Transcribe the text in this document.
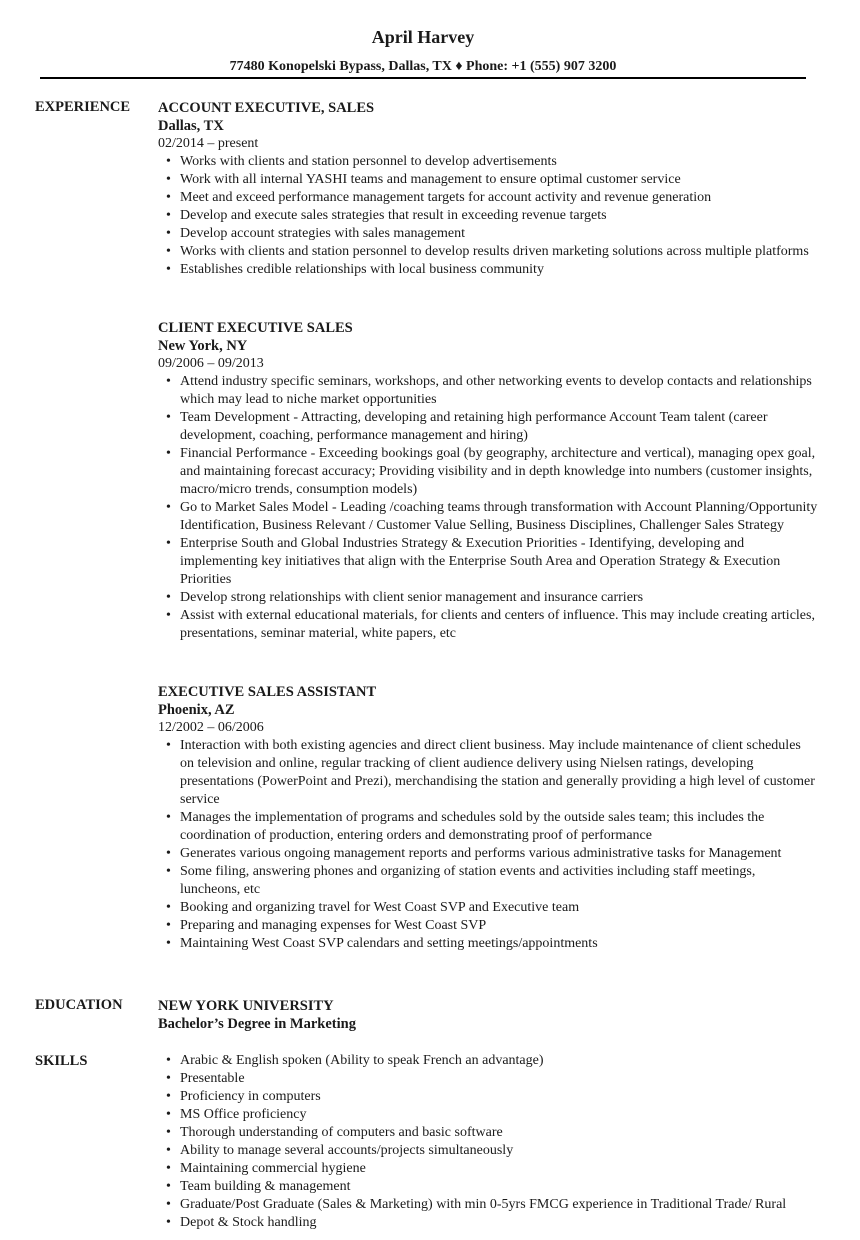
April Harvey
77480 Konopelski Bypass, Dallas, TX ♦ Phone: +1 (555) 907 3200
EXPERIENCE ACCOUNT EXECUTIVE, SALES
Dallas, TX
02/2014 – present
• Works with clients and station personnel to develop advertisements
• Work with all internal YASHI teams and management to ensure optimal customer service
• Meet and exceed performance management targets for account activity and revenue generation
• Develop and execute sales strategies that result in exceeding revenue targets
• Develop account strategies with sales management
• Works with clients and station personnel to develop results driven marketing solutions across multiple platforms
• Establishes credible relationships with local business community
CLIENT EXECUTIVE SALES
New York, NY
09/2006 – 09/2013
• Attend industry specific seminars, workshops, and other networking events to develop contacts and relationships which may lead to niche market opportunities
• Team Development - Attracting, developing and retaining high performance Account Team talent (career development, coaching, performance management and hiring)
• Financial Performance - Exceeding bookings goal (by geography, architecture and vertical), managing opex goal, and maintaining forecast accuracy; Providing visibility and in depth knowledge into numbers (customer insights, macro/micro trends, consumption models)
• Go to Market Sales Model - Leading /coaching teams through transformation with Account Planning/Opportunity Identification, Business Relevant / Customer Value Selling, Business Disciplines, Challenger Sales Strategy
• Enterprise South and Global Industries Strategy & Execution Priorities - Identifying, developing and implementing key initiatives that align with the Enterprise South Area and Operation Strategy & Execution Priorities
• Develop strong relationships with client senior management and insurance carriers
• Assist with external educational materials, for clients and centers of influence. This may include creating articles, presentations, seminar material, white papers, etc
EXECUTIVE SALES ASSISTANT
Phoenix, AZ
12/2002 – 06/2006
• Interaction with both existing agencies and direct client business. May include maintenance of client schedules on television and online, regular tracking of client audience delivery using Nielsen ratings, developing presentations (PowerPoint and Prezi), merchandising the station and generally providing a high level of customer service
• Manages the implementation of programs and schedules sold by the outside sales team; this includes the coordination of production, entering orders and demonstrating proof of performance
• Generates various ongoing management reports and performs various administrative tasks for Management
• Some filing, answering phones and organizing of station events and activities including staff meetings, luncheons, etc
• Booking and organizing travel for West Coast SVP and Executive team
• Preparing and managing expenses for West Coast SVP
• Maintaining West Coast SVP calendars and setting meetings/appointments
EDUCATION NEW YORK UNIVERSITY
Bachelor’s Degree in Marketing
SKILLS
•	Arabic & English spoken (Ability to speak French an advantage)
• Presentable
• Proficiency in computers
• MS Office proficiency
• Thorough understanding of computers and basic software
• Ability to manage several accounts/projects simultaneously
• Maintaining commercial hygiene
• Team building & management
• Graduate/Post Graduate (Sales & Marketing) with min 0-5yrs FMCG experience in Traditional Trade/ Rural
• Depot & Stock handling
